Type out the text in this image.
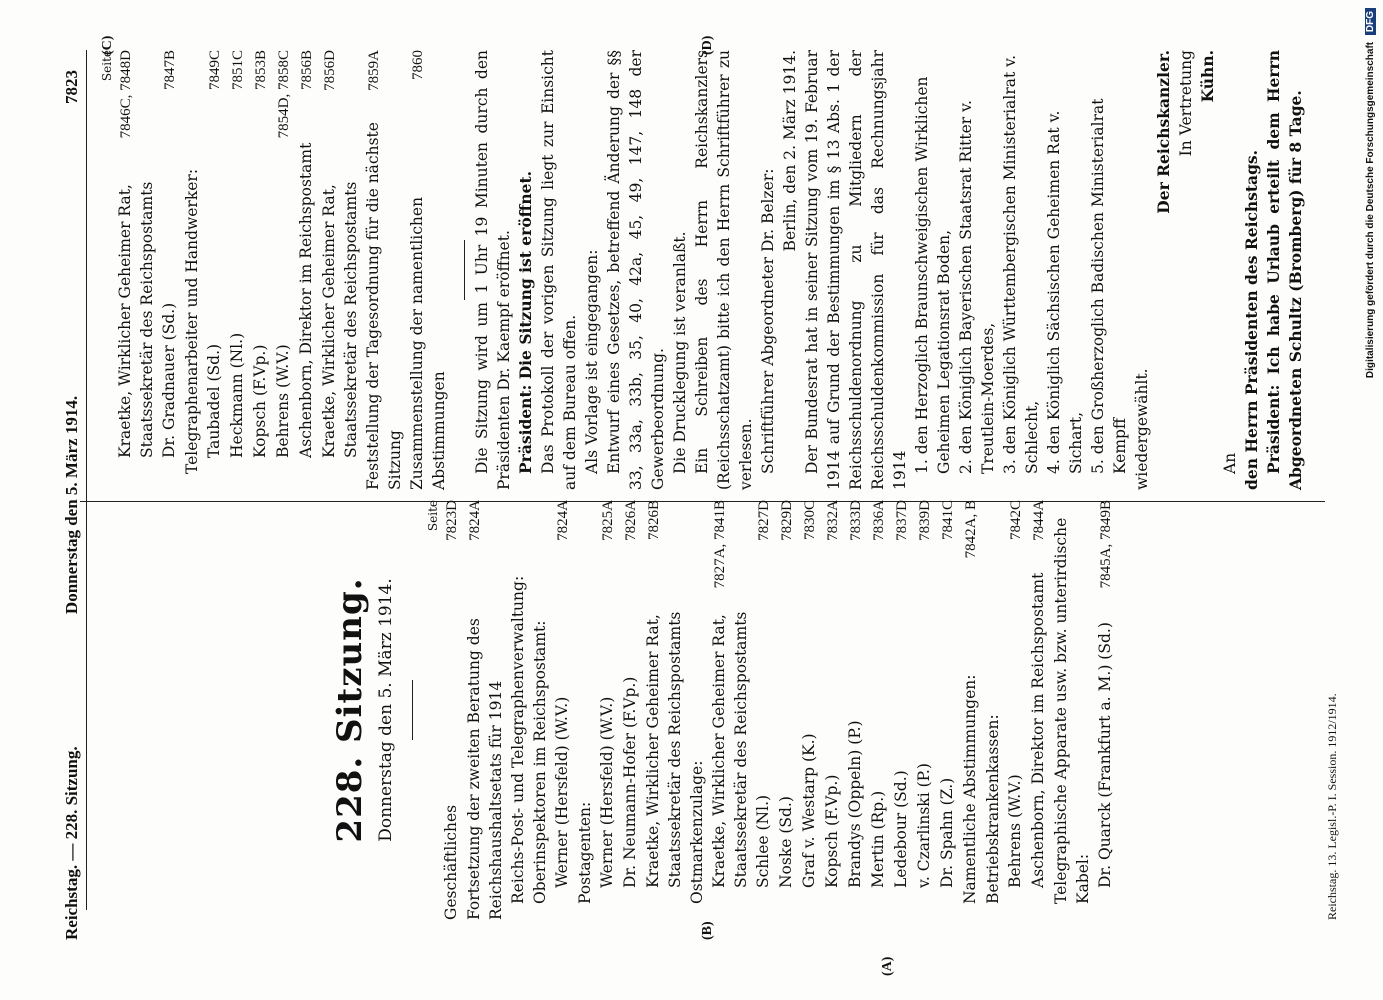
Reichstag. — 228. Sitzung.
Donnerstag den 5. März 1914.
7823
(A)
(B)
(C)	(D)
228. Sitzung. Donnerstag den 5. März 1914.
Seite
Geschäftliches
7823D
Fortsetzung der zweiten Beratung des Reichshaushaltsetats für 1914
7824A
Reichs-Post- und Telegraphenverwaltung: Oberinspektoren im Reichspostamt: Werner (Hersfeld) (W.V.)
7824A
Postagenten: Werner (Hersfeld) (W.V.)
7825A
Dr. Neumann-Hofer (F.Vp.)
7826A
Kraetke, Wirklicher Geheimer Rat, Staatssekretär des Reichspostamts
7826B
Ostmarkenzulage: Kraetke, Wirklicher Geheimer Rat, Staatssekretär des Reichspostamts
7827A, 7841B
Schlee (Nl.)
7827D
Noske (Sd.)
7829D
Graf v. Westarp (K.)
7830C
Kopsch (F.Vp.)
7832A
Brandys (Oppeln) (P.)
7833D
Mertin (Rp.)
7836A
Ledebour (Sd.)
7837D
v. Czarlinski (P.)
7839D
Dr. Spahn (Z.)
7841C
Namentliche Abstimmungen:
7842A, B
Betriebskrankenkassen: Behrens (W.V.)
7842C
Aschenborn, Direktor im Reichspostamt
7844A Telegraphische Apparate usw. bzw. unterirdische Kabel: Dr. Quarck (Frankfurt a. M.) (Sd.)
7845A, 7849B
Seite
Kraetke, Wirklicher Geheimer Rat, Staatssekretär des Reichspostamts
7846C, 7848D
Dr. Gradnauer (Sd.)
7847B
Telegraphenarbeiter und Handwerker: Taubadel (Sd.)
7849C
Heckmann (Nl.)
7851C
Kopsch (F.Vp.)
7853B
Behrens (W.V.)
7854D, 7858C
Aschenborn, Direktor im Reichspostamt
7856B
Kraetke, Wirklicher Geheimer Rat, Staatssekretär des Reichspostamts
7856D
Feststellung der Tagesordnung für die nächste Sitzung
7859A
Zusammenstellung der namentlichen Abstimmungen
7860	Die Sitzung wird um 1 Uhr 19 Minuten durch den Präsidenten Dr. Kaempf eröffnet. Präsident: Die Sitzung ist eröffnet. Das Protokoll der vorigen Sitzung liegt zur Einsicht auf dem Bureau offen. Als Vorlage ist eingegangen: Entwurf eines Gesetzes, betreffend Änderung der §§ 33, 33a, 33b, 35, 40, 42a, 45, 49, 147, 148 der Gewerbeordnung. Die Drucklegung ist veranlaßt. Ein Schreiben des Herrn Reichskanzlers (Reichsschatzamt) bitte ich den Herrn Schriftführer zu verlesen. Schriftführer Abgeordneter Dr. Belzer:

Berlin, den 2. März 1914. Der Bundesrat hat in seiner Sitzung vom 19. Februar 1914 auf Grund der Bestimmungen im § 13 Abs. 1 der Reichsschuldenordnung zu Mitgliedern der Reichsschuldenkommission für das Rechnungsjahr 1914 1. den Herzoglich Braunschweigischen Wirklichen Geheimen Legationsrat Boden, 2. den Königlich Bayerischen Staatsrat Ritter v. Treutlein-Moerdes, 3. den Königlich Württembergischen Ministerialrat v. Schlecht, 4. den Königlich Sächsischen Geheimen Rat v. Sichart, 5. den Großherzoglich Badischen Ministerialrat Kempff wiedergewählt.
Der Reichskanzler. In Vertretung Kühn.
An den Herrn Präsidenten des Reichstags. Präsident: Ich habe Urlaub erteilt dem Herrn Abgeordneten Schultz (Bromberg) für 8 Tage.

Reichstag. 13. Legisl.-P. I. Session. 1912/1914.
Digitalisierung gefördert durch die Deutsche Forschungsgemeinschaft DFG
